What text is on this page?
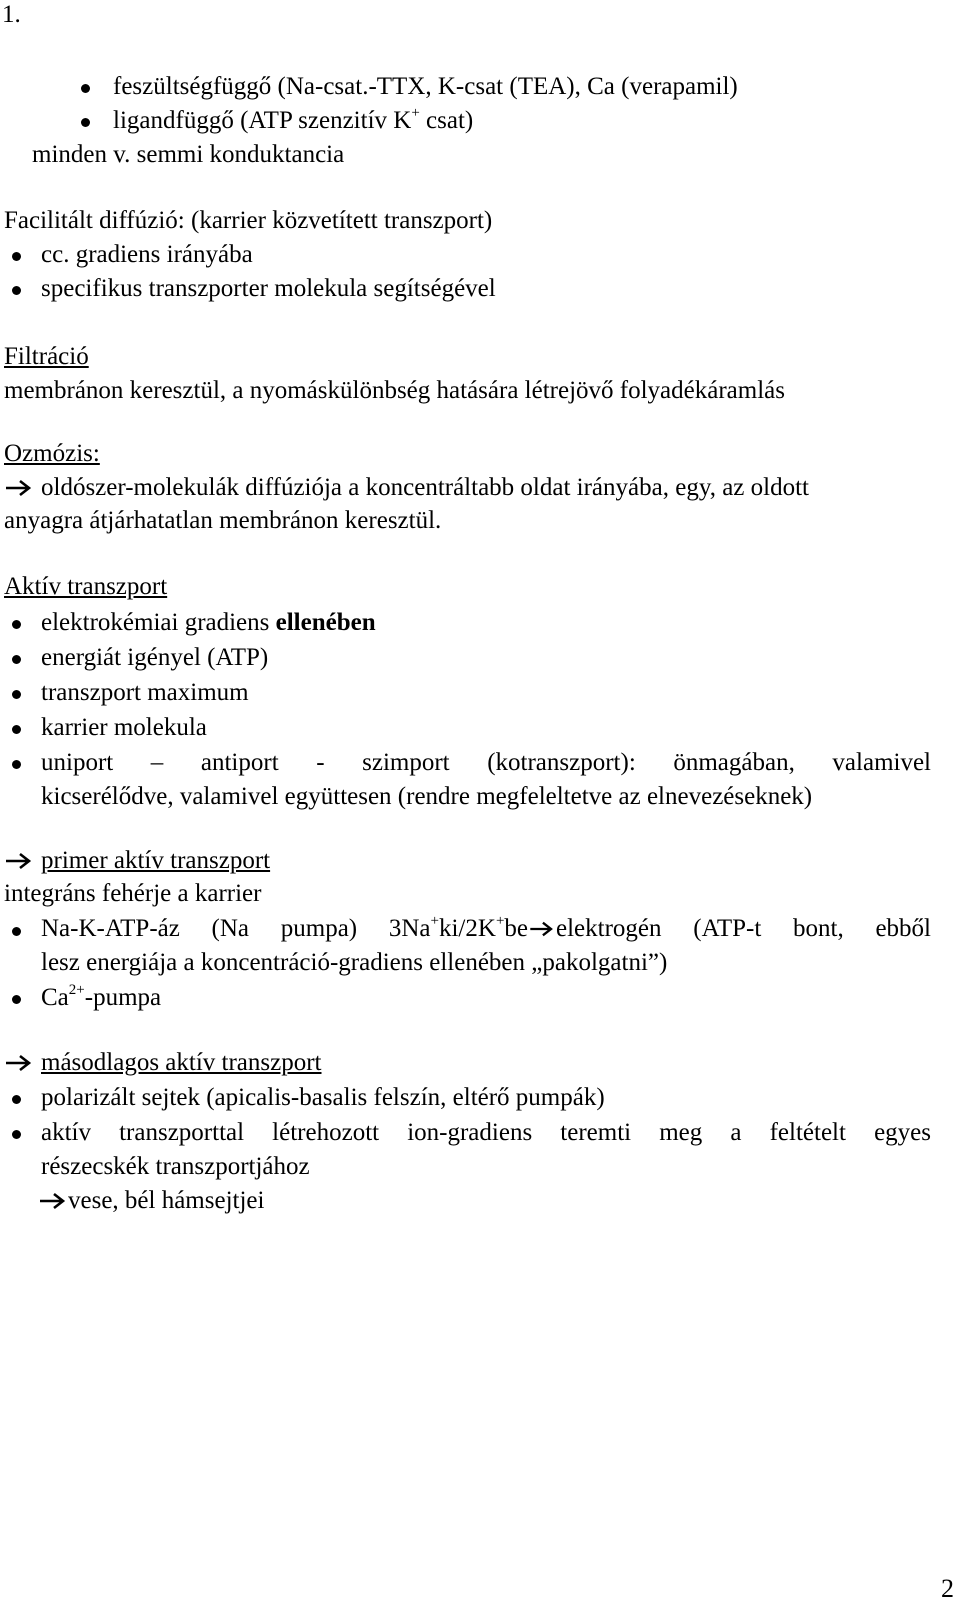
1.
feszültségfüggő (Na-csat.-TTX, K-csat (TEA), Ca (verapamil)
ligandfüggő (ATP szenzitív K+ csat)
minden v. semmi konduktancia
Facilitált diffúzió: (karrier közvetített transzport)
cc. gradiens irányába
specifikus transzporter molekula segítségével
Filtráció
membránon keresztül, a nyomáskülönbség hatására létrejövő folyadékáramlás
Ozmózis:
oldószer-molekulák diffúziója a koncentráltabb oldat irányába, egy, az oldott
anyagra átjárhatatlan membránon keresztül.
Aktív transzport
elektrokémiai gradiens ellenében
energiát igényel (ATP)
transzport maximum
karrier molekula
uniport – antiport - szimport (kotranszport): önmagában, valamivel
kicserélődve, valamivel együttesen (rendre megfeleltetve az elnevezéseknek)
primer aktív transzport
integráns fehérje a karrier
Na-K-ATP-áz (Na pumpa) 3Na+ki/2K+be elektrogén (ATP-t bont, ebből
lesz energiája a koncentráció-gradiens ellenében „pakolgatni”)
$Ca^{2+}$-pumpa
másodlagos aktív transzport
polarizált sejtek (apicalis-basalis felszín, eltérő pumpák)
aktív transzporttal létrehozott ion-gradiens teremti meg a feltételt egyes
részecskék transzportjához
vese, bél hámsejtjei
2
